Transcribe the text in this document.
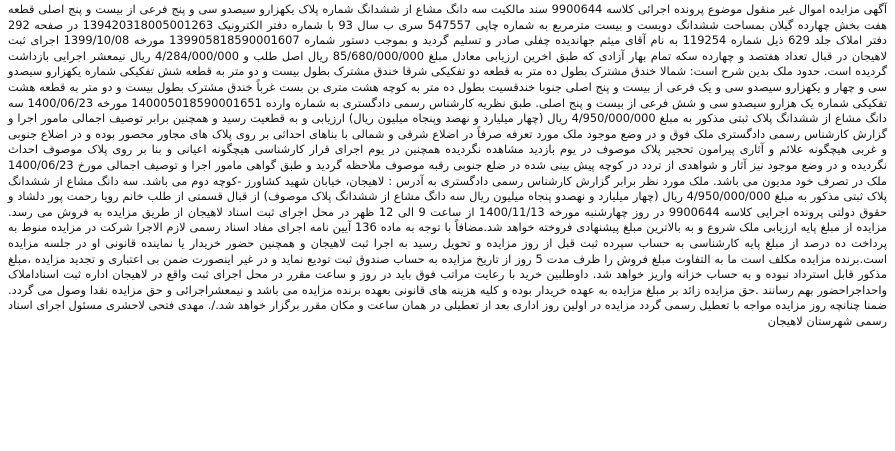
آگهی مزایده اموال غیر منقول موضوع پرونده اجرائی کلاسه 9900644 سند مالکیت سه دانگ مشاع از ششدانگ شماره پلاک یکهزارو سیصدو سی و پنج فرعی از بیست و پنج اصلی قطعه هفت بخش چهارده گیلان بمساحت ششدانگ دویست و بیست مترمربع به شماره چاپی 547557 سری ب سال 93 با شماره دفتر الکترونیک 139420318005001263 در صفحه 292 دفتر املاک جلد 629 ذیل شماره 119254 به نام آقای میثم جهاندیده چفلی صادر و تسلیم گردید و بموجب دستور شماره 139905818590001607 مورخه 1399/10/08 اجرای ثبت لاهیجان در قبال تعداد هفتصد و چهارده سکه تمام بهار آزادی که طبق اخرین ارزیابی معادل مبلغ 85/680/000/000 ریال اصل طلب و 4/284/000/000 ریال نیمعشر اجرایی بازداشت گردیده است. حدود ملک بدین شرح است: شمالا خندق مشترک بطول ده متر به قطعه دو تفکیکی شرقا خندق مشترک بطول بیست و دو متر به قطعه شش تفکیکی شماره یکهزارو سیصدو سی و چهار و یکهزارو سیصدو سی و یک فرعی از بیست و پنج اصلی جنوبا خندقسیت بطول ده متر به کوچه هشت متری بن بست غرباً خندق مشترک بطول بیست و دو متر به قطعه هشت تفکیکی شماره یک هزارو سیصدو سی و شش فرعی از بیست و پنج اصلی. طبق نظریه کارشناس رسمی دادگستری به شماره وارده 140005018590001651 مورخه 1400/06/23 سه دانگ مشاع از ششدانگ پلاک ثبتی مذکور به مبلغ 4/950/000/000 ریال (چهار میلیارد و نهصد وپنجاه میلیون ریال) ارزیابی و به قطعیت رسید و همچنین برابر توصیف اجمالی مامور اجرا و گزارش کارشناس رسمی دادگستری ملک فوق و در وضع موجود ملک مورد تعرفه صرفاً در اضلاع شرقی و شمالی با بناهای احداثی بر روی پلاک های مجاور محصور بوده و در اضلاع جنوبی و غربی هیچگونه علائم و آثاری پیرامون تحجیر پلاک موصوف در یوم بازدید مشاهده نگردیده همچنین در یوم اجرای قرار کارشناسی هیچگونه اعیانی و بنا بر روی پلاک موصوف احداث نگردیده و در وضع موجود نیز آثار و شواهدی از تردد در کوچه پیش بینی شده در ضلع جنوبی رقبه موصوف ملاحظه گردید و طبق گواهی مامور اجرا و توصیف اجمالی مورخ 1400/06/23 ملک در تصرف خود مدیون می باشد. ملک مورد نظر برابر گزارش کارشناس رسمی دادگستری به آدرس : لاهیجان، خیابان شهید کشاورز -کوچه دوم می باشد. سه دانگ مشاع از ششدانگ پلاک ثبتی مذکور به مبلغ 4/950/000/000 ریال (چهار میلیارد و نهصدو پنجاه میلیون ریال سه دانگ مشاع از ششدانگ پلاک موصوف) از قبال قسمتی از طلب خانم رویا رحمت پور دلشاد و حقوق دولتی پرونده اجرایی کلاسه 9900644 در روز چهارشنبه مورخه 1400/11/13 از ساعت 9 الی 12 ظهر در محل اجرای ثبت اسناد لاهیجان از طریق مزایده به فروش می رسد. مزایده از مبلغ پایه ارزیابی ملک شروع و به بالاترین مبلغ پیشنهادی فروخته خواهد شد.مضافاً با توجه به ماده 136 آیین نامه اجرای مفاد اسناد رسمی لازم الاجرا شرکت در مزایده منوط به پرداخت ده درصد از مبلغ پایه کارشناسی به حساب سپرده ثبت قبل از روز مزایده و تحویل رسید به اجرا ثبت لاهیجان و همچنین حضور خریدار یا نماینده قانونی او در جلسه مزایده است.برنده مزایده مکلف است ما به التفاوت مبلغ فروش را ظرف مدت 5 روز از تاریخ مزایده به حساب صندوق ثبت تودیع نماید و در غیر اینصورت ضمن بی اعتباری و تجدید مزایده ،مبلغ مذکور قابل استرداد نبوده و به حساب خزانه واریز خواهد شد. داوطلبین خرید با رعایت مراتب فوق باید در روز و ساعت مقرر در محل اجرای ثبت واقع در لاهیجان اداره ثبت اسناداملاک واحداجراحضور بهم رسانند .حق مزایده زائد بر مبلغ مزایده به عهده خریدار بوده و کلیه هزینه های قانونی بعهده برنده مزایده می باشد و نیمعشراجرائی و حق مزایده نقدا وصول می گردد. ضمنا چنانچه روز مزایده مواجه با تعطیل رسمی گردد مزایده در اولین روز اداری بعد از تعطیلی در همان ساعت و مکان مقرر برگزار خواهد شد./. مهدی فتحی لاحشری مسئول اجرای اسناد رسمی شهرستان لاهیجان
